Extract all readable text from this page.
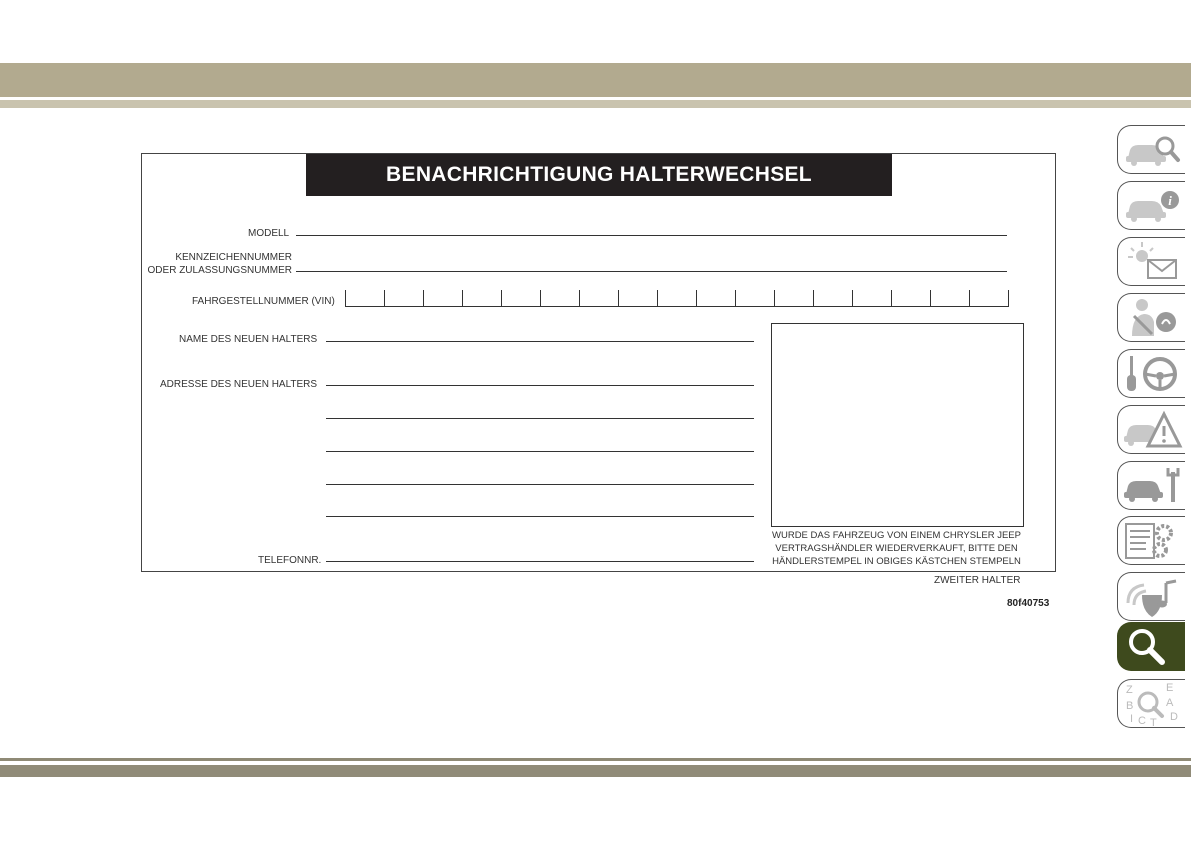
BENACHRICHTIGUNG HALTERWECHSEL
MODELL
KENNZEICHENNUMMER
ODER ZULASSUNGSNUMMER
FAHRGESTELLNUMMER (VIN)
NAME DES NEUEN HALTERS
ADRESSE DES NEUEN HALTERS
TELEFONNR.
WURDE DAS FAHRZEUG VON EINEM CHRYSLER JEEP VERTRAGSHÄNDLER WIEDERVERKAUFT, BITTE DEN HÄNDLERSTEMPEL IN OBIGES KÄSTCHEN STEMPELN
ZWEITER HALTER
80f40753
i
Z	E
B	A
I C T D
